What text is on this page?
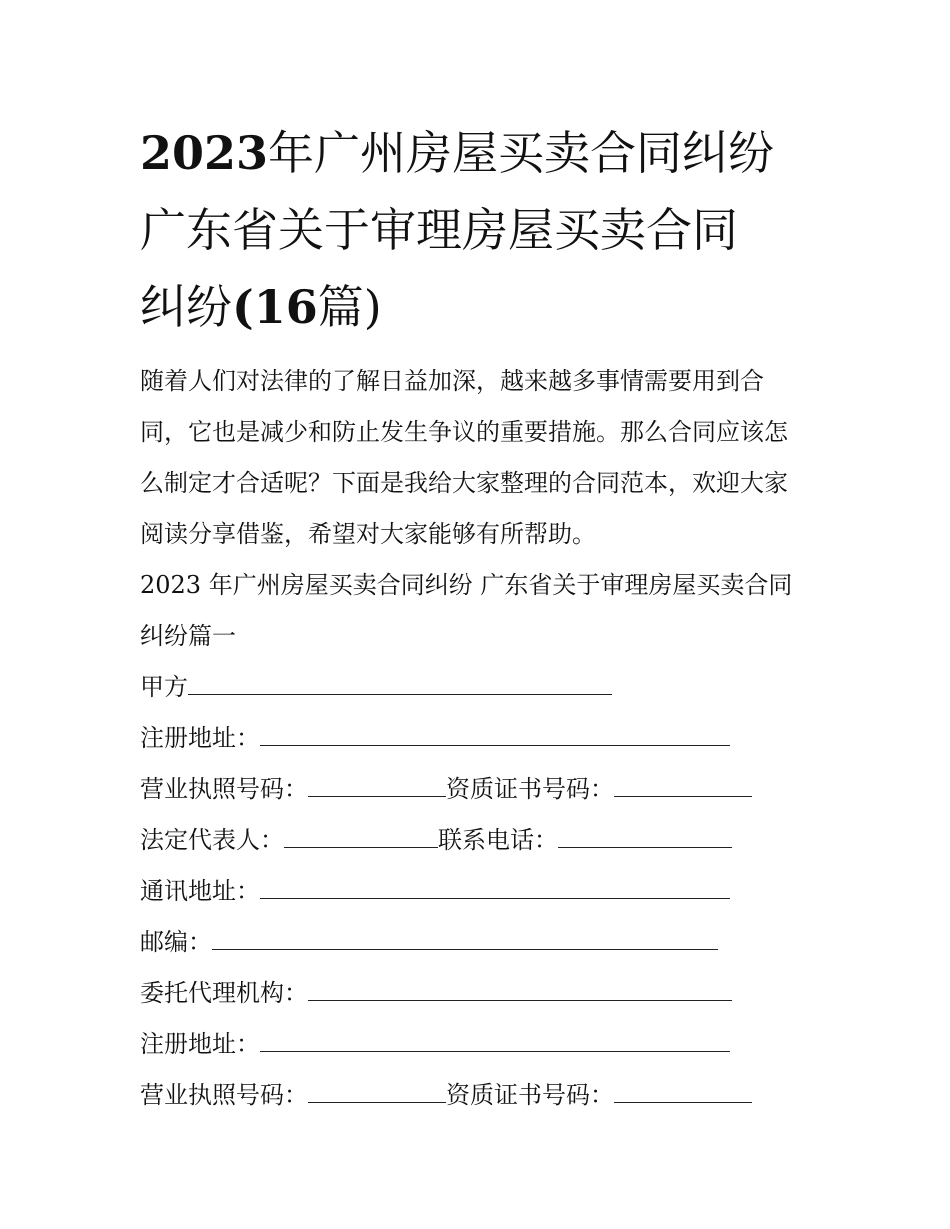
2023年广州房屋买卖合同纠纷
广东省关于审理房屋买卖合同
纠纷(16篇)

随着人们对法律的了解日益加深，越来越多事情需要用到合
同，它也是减少和防止发生争议的重要措施。那么合同应该怎
么制定才合适呢？下面是我给大家整理的合同范本，欢迎大家
阅读分享借鉴，希望对大家能够有所帮助。

2023 年广州房屋买卖合同纠纷 广东省关于审理房屋买卖合同
纠纷篇一

甲方
注册地址：
营业执照号码：	资质证书号码：
法定代表人：	联系电话：
通讯地址：
邮编：
委托代理机构：
注册地址：
营业执照号码：	资质证书号码：
